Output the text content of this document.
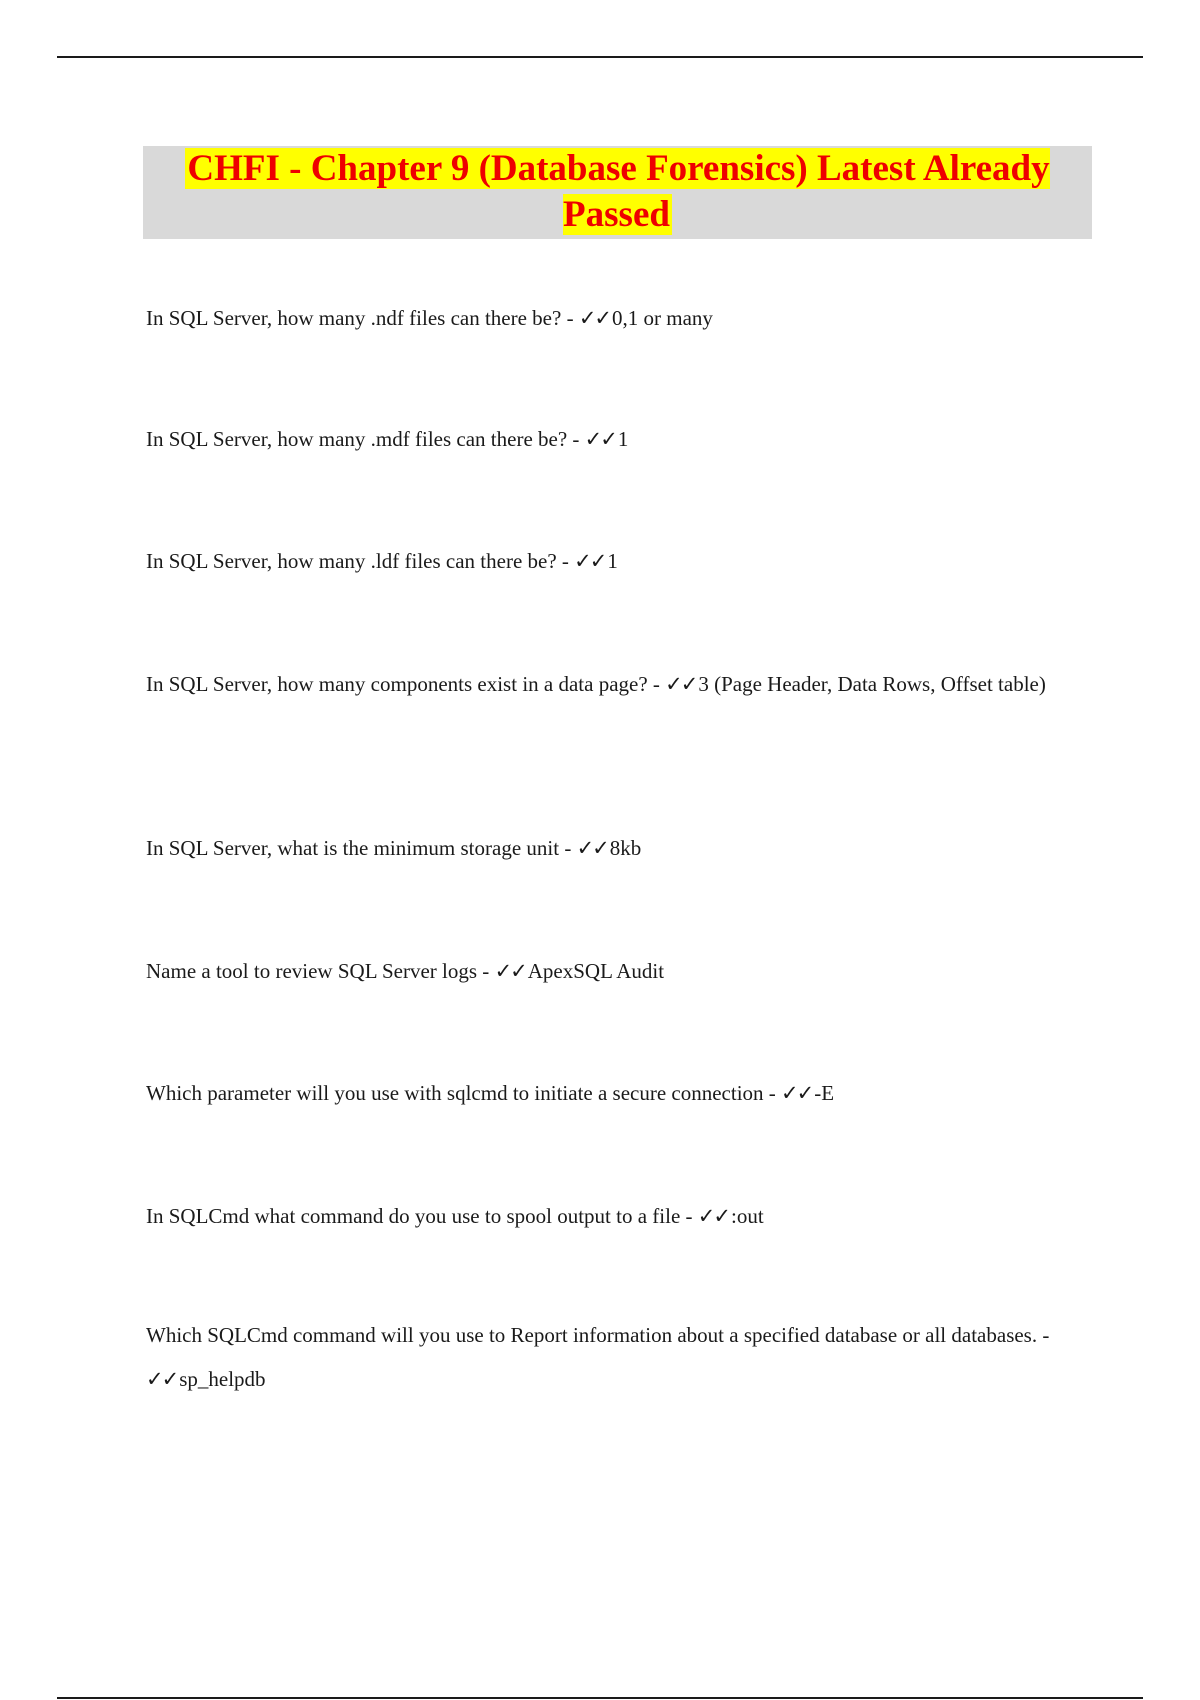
CHFI - Chapter 9 (Database Forensics) Latest Already Passed
In SQL Server, how many .ndf files can there be? - ✓✓0,1 or many
In SQL Server, how many .mdf files can there be? - ✓✓1
In SQL Server, how many .ldf files can there be? - ✓✓1
In SQL Server, how many components exist in a data page? - ✓✓3 (Page Header, Data Rows, Offset table)
In SQL Server, what is the minimum storage unit - ✓✓8kb
Name a tool to review SQL Server logs - ✓✓ApexSQL Audit
Which parameter will you use with sqlcmd to initiate a secure connection - ✓✓-E
In SQLCmd what command do you use to spool output to a file - ✓✓:out
Which SQLCmd command will you use to Report information about a specified database or all databases. - ✓✓sp_helpdb
